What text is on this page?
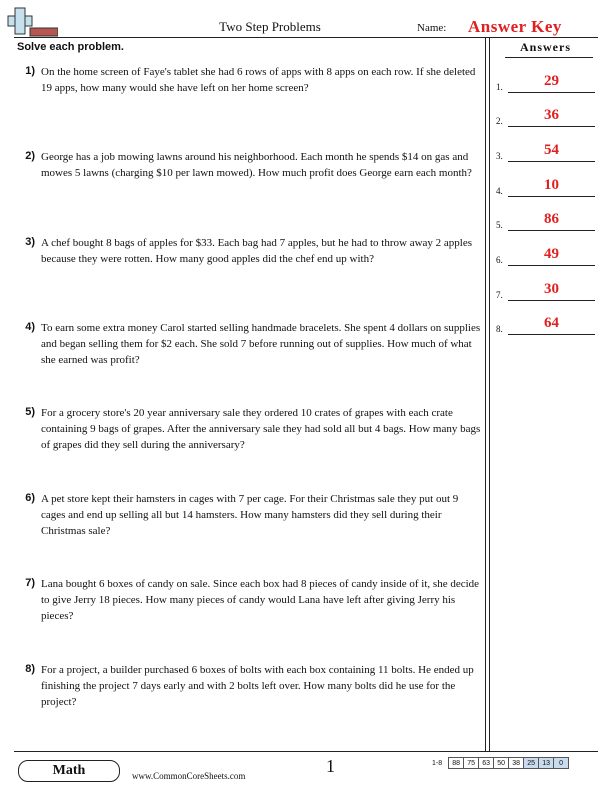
Two Step Problems	Name: Answer Key
Solve each problem.	Answers
1) On the home screen of Faye's tablet she had 6 rows of apps with 8 apps on each row. If she deleted 19 apps, how many would she have left on her home screen?
2) George has a job mowing lawns around his neighborhood. Each month he spends $14 on gas and mowes 5 lawns (charging $10 per lawn mowed). How much profit does George earn each month?
3) A chef bought 8 bags of apples for $33. Each bag had 7 apples, but he had to throw away 2 apples because they were rotten. How many good apples did the chef end up with?
4) To earn some extra money Carol started selling handmade bracelets. She spent 4 dollars on supplies and began selling them for $2 each. She sold 7 before running out of supplies. How much of what she earned was profit?
5) For a grocery store's 20 year anniversary sale they ordered 10 crates of grapes with each crate containing 9 bags of grapes. After the anniversary sale they had sold all but 4 bags. How many bags of grapes did they sell during the anniversary?
6) A pet store kept their hamsters in cages with 7 per cage. For their Christmas sale they put out 9 cages and end up selling all but 14 hamsters. How many hamsters did they sell during their Christmas sale?
7) Lana bought 6 boxes of candy on sale. Since each box had 8 pieces of candy inside of it, she decide to give Jerry 18 pieces. How many pieces of candy would Lana have left after giving Jerry his pieces?
8) For a project, a builder purchased 6 boxes of bolts with each box containing 11 bolts. He ended up finishing the project 7 days early and with 2 bolts left over. How many bolts did he use for the project?
1.	29
2.	36
3.	54
4.	10
5.	86
6.	49
7.	30
8.	64
Math	www.CommonCoreSheets.com	1	1-8	88	75	63	50	38	25	13	0
